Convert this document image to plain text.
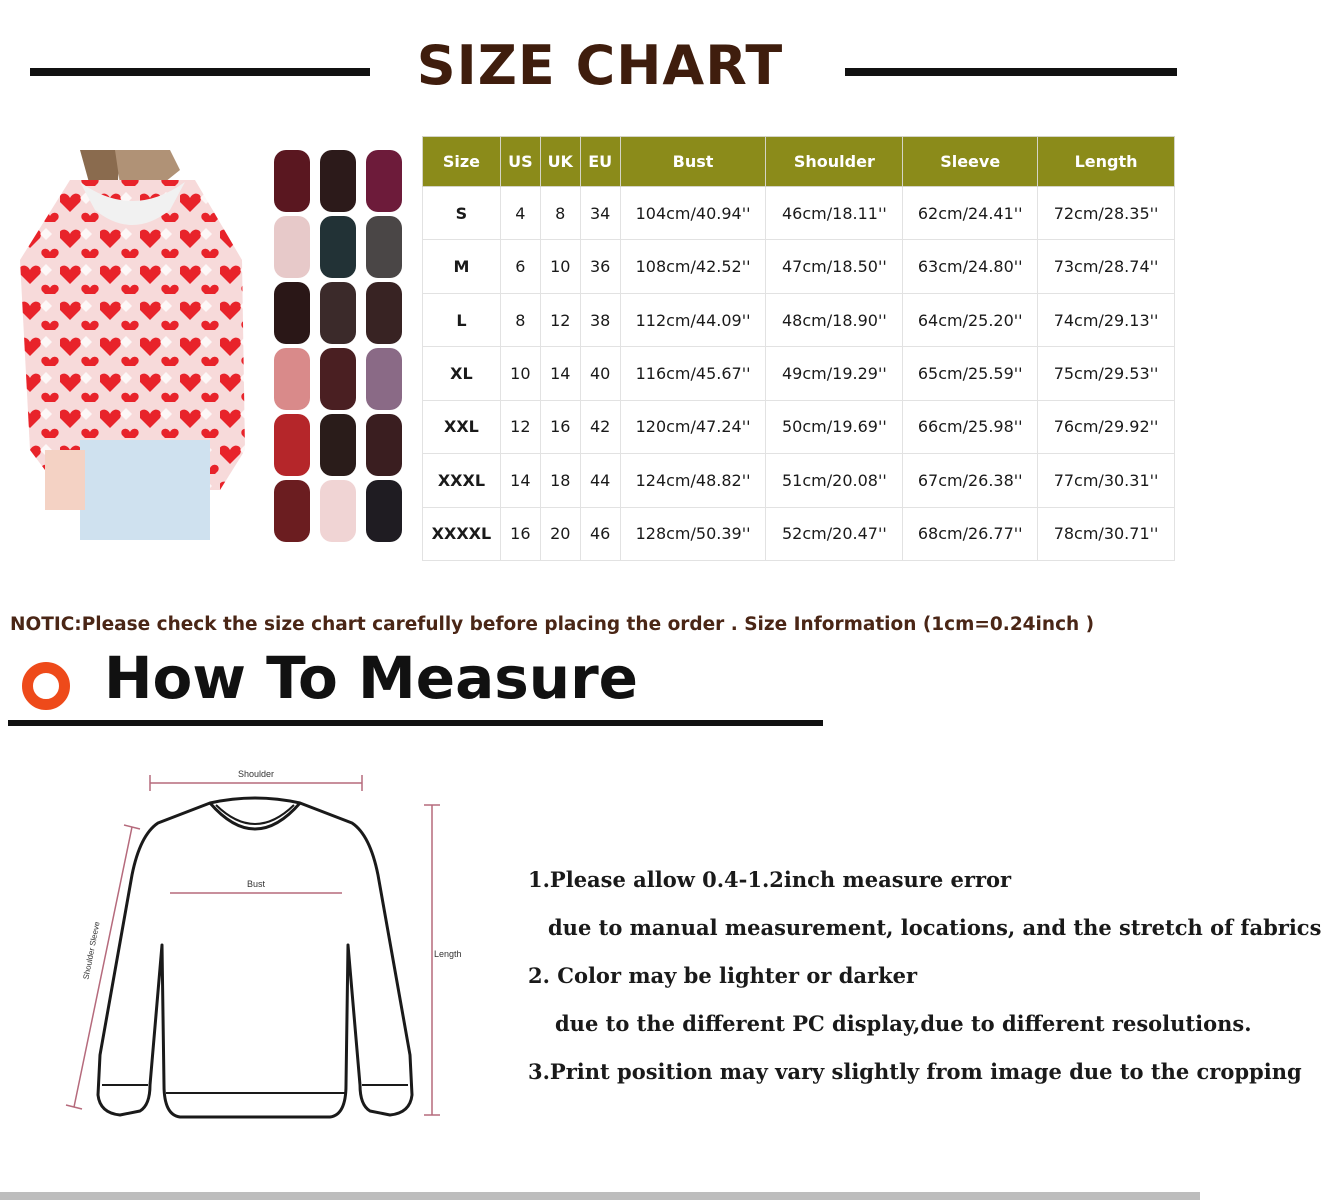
SIZE CHART
Size	US	UK	EU	Bust	Shoulder	Sleeve	Length
S	4	8	34	104cm/40.94''	46cm/18.11''	62cm/24.41''	72cm/28.35''
M	6	10	36	108cm/42.52''	47cm/18.50''	63cm/24.80''	73cm/28.74''
L	8	12	38	112cm/44.09''	48cm/18.90''	64cm/25.20''	74cm/29.13''
XL	10	14	40	116cm/45.67''	49cm/19.29''	65cm/25.59''	75cm/29.53''
XXL	12	16	42	120cm/47.24''	50cm/19.69''	66cm/25.98''	76cm/29.92''
XXXL	14	18	44	124cm/48.82''	51cm/20.08''	67cm/26.38''	77cm/30.31''
XXXXL	16	20	46	128cm/50.39''	52cm/20.47''	68cm/26.77''	78cm/30.71''
NOTIC:Please check the size chart carefully before placing the order . Size Information (1cm=0.24inch )
How To Measure
Shoulder
Bust
Length
Shoulder Sleeve
1.Please allow 0.4-1.2inch measure error
due to manual measurement, locations, and the stretch of fabrics
2. Color may be lighter or darker
due to the different PC display,due to different resolutions.
3.Print position may vary slightly from image due to the cropping
